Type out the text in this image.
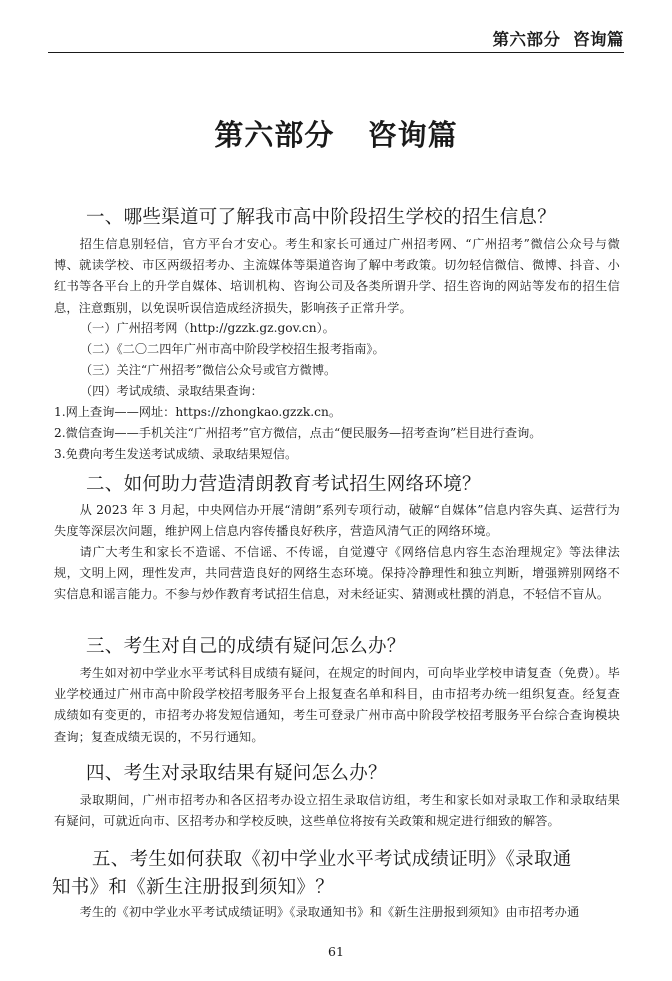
第六部分  咨询篇
第六部分   咨询篇
一、哪些渠道可了解我市高中阶段招生学校的招生信息？
招生信息别轻信，官方平台才安心。考生和家长可通过广州招考网、“广州招考”微信公众号与微博、就读学校、市区两级招考办、主流媒体等渠道咨询了解中考政策。切勿轻信微信、微博、抖音、小红书等各平台上的升学自媒体、培训机构、咨询公司及各类所谓升学、招生咨询的网站等发布的招生信息，注意甄别，以免误听误信造成经济损失，影响孩子正常升学。
（一）广州招考网（http://gzzk.gz.gov.cn）。
（二）《二〇二四年广州市高中阶段学校招生报考指南》。
（三）关注“广州招考”微信公众号或官方微博。
（四）考试成绩、录取结果查询：
1.网上查询——网址：https://zhongkao.gzzk.cn。
2.微信查询——手机关注“广州招考”官方微信，点击“便民服务—招考查询”栏目进行查询。
3.免费向考生发送考试成绩、录取结果短信。
二、如何助力营造清朗教育考试招生网络环境？
从 2023 年 3 月起，中央网信办开展“清朗”系列专项行动，破解“自媒体”信息内容失真、运营行为失度等深层次问题，维护网上信息内容传播良好秩序，营造风清气正的网络环境。
请广大考生和家长不造谣、不信谣、不传谣，自觉遵守《网络信息内容生态治理规定》等法律法规，文明上网，理性发声，共同营造良好的网络生态环境。保持冷静理性和独立判断，增强辨别网络不实信息和谣言能力。不参与炒作教育考试招生信息，对未经证实、猜测或杜撰的消息，不轻信不盲从。
三、考生对自己的成绩有疑问怎么办？
考生如对初中学业水平考试科目成绩有疑问，在规定的时间内，可向毕业学校申请复查（免费）。毕业学校通过广州市高中阶段学校招考服务平台上报复查名单和科目，由市招考办统一组织复查。经复查成绩如有变更的，市招考办将发短信通知，考生可登录广州市高中阶段学校招考服务平台综合查询模块查询；复查成绩无误的，不另行通知。
四、考生对录取结果有疑问怎么办？
录取期间，广州市招考办和各区招考办设立招生录取信访组，考生和家长如对录取工作和录取结果有疑问，可就近向市、区招考办和学校反映，这些单位将按有关政策和规定进行细致的解答。
五、考生如何获取《初中学业水平考试成绩证明》《录取通
知书》和《新生注册报到须知》？
考生的《初中学业水平考试成绩证明》《录取通知书》和《新生注册报到须知》由市招考办通
61
